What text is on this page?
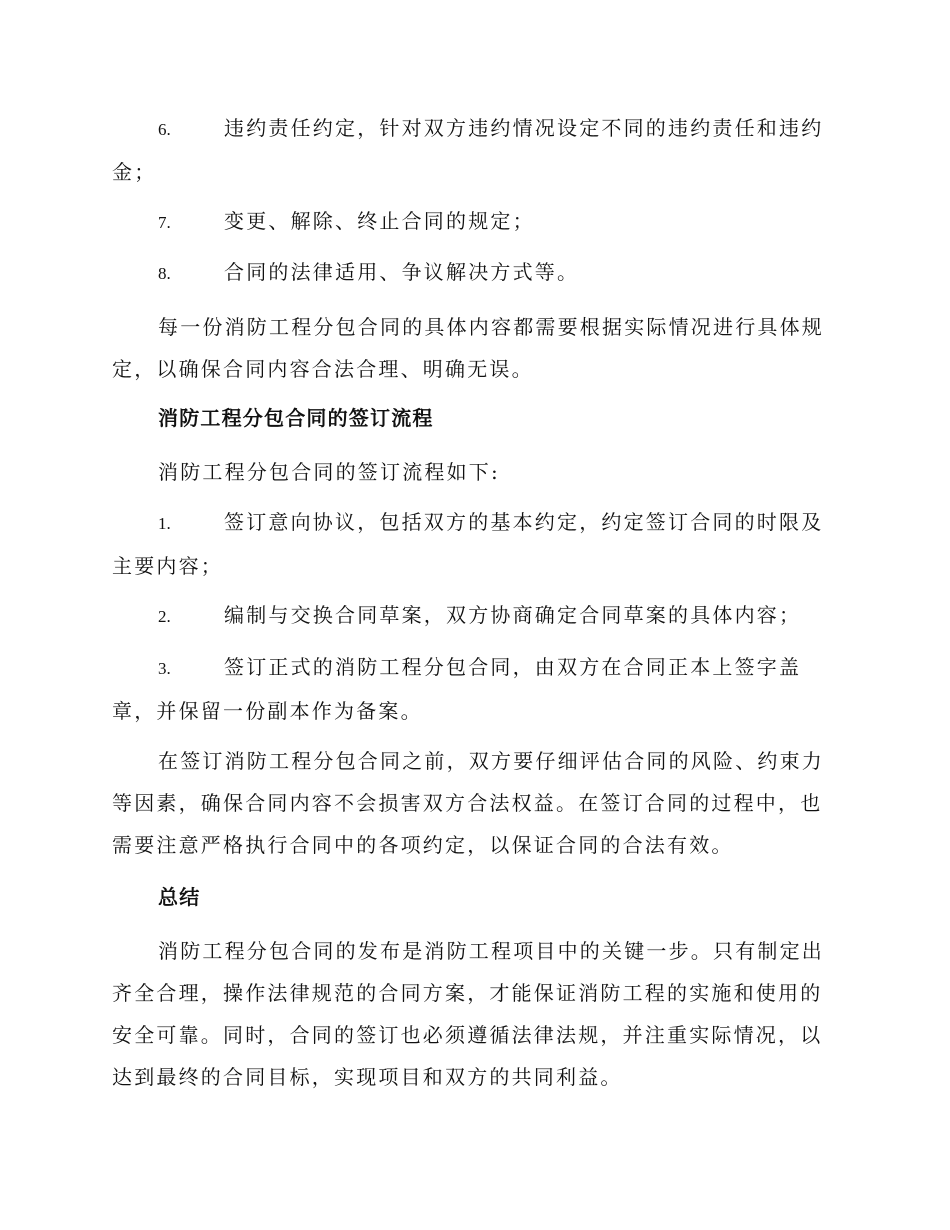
6.	违约责任约定，针对双方违约情况设定不同的违约责任和违约金；

7.	变更、解除、终止合同的规定；

8.	合同的法律适用、争议解决方式等。

每一份消防工程分包合同的具体内容都需要根据实际情况进行具体规定，以确保合同内容合法合理、明确无误。

消防工程分包合同的签订流程

消防工程分包合同的签订流程如下:

1.	签订意向协议，包括双方的基本约定，约定签订合同的时限及主要内容；

2.	编制与交换合同草案，双方协商确定合同草案的具体内容；

3.	签订正式的消防工程分包合同，由双方在合同正本上签字盖章，并保留一份副本作为备案。

在签订消防工程分包合同之前，双方要仔细评估合同的风险、约束力等因素，确保合同内容不会损害双方合法权益。在签订合同的过程中，也需要注意严格执行合同中的各项约定，以保证合同的合法有效。

总结

消防工程分包合同的发布是消防工程项目中的关键一步。只有制定出齐全合理，操作法律规范的合同方案，才能保证消防工程的实施和使用的安全可靠。同时，合同的签订也必须遵循法律法规，并注重实际情况，以达到最终的合同目标，实现项目和双方的共同利益。
